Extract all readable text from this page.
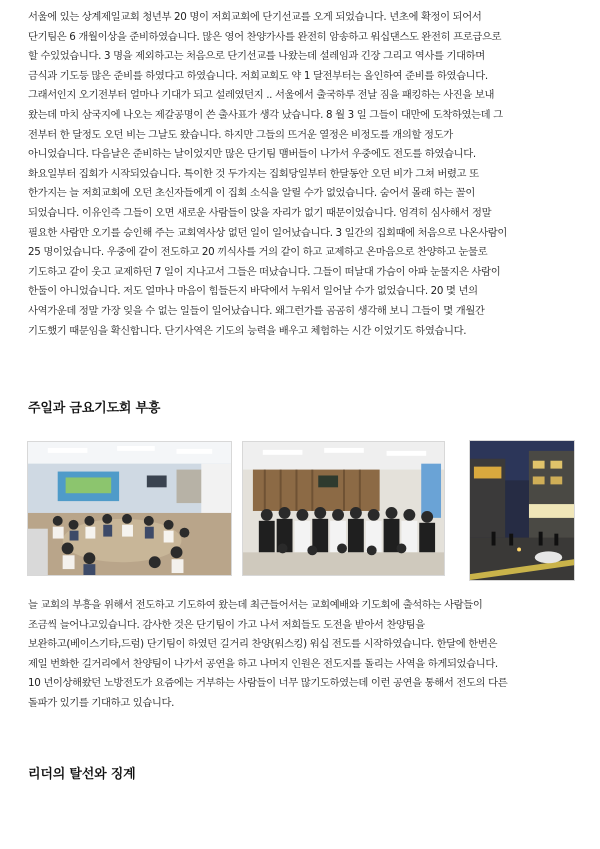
서울에 있는 상계제일교회 청년부 20 명이 저희교회에 단기선교를 오게 되었습니다. 년초에 확정이 되어서
단기팀은 6 개월이상을 준비하였습니다. 많은 영어 찬양가사를 완전히 암송하고 워십댄스도 완전히 프로급으로
할 수있었습니다. 3 명을 제외하고는 처음으로 단기선교를 나왔는데 설레임과 긴장 그리고 역사를 기대하며
금식과 기도등 많은 준비를 하였다고 하였습니다. 저희교회도 약 1 달전부터는 올인하여 준비를 하였습니다.
그래서인지 오기전부터 얼마나 기대가 되고 설레였던지 .. 서울에서 출국하루 전날 짐을 패킹하는 사진을 보내
왔는데 마치 삼국지에 나오는 제갈공명이 쓴 출사표가 생각 났습니다. 8 월 3 일 그들이 대만에 도착하였는데 그
전부터 한 달정도 오던 비는 그날도 왔습니다. 하지만 그들의 뜨거운 열정은 비정도를 개의할 정도가
아니었습니다. 다음날은 준비하는 날이었지만 많은 단기팀 맴버들이 나가서 우중에도 전도를 하였습니다.
화요일부터 집회가 시작되었습니다. 특이한 것 두가지는 집회당일부터 한달동안 오던 비가 그쳐 버렸고 또
한가지는 늘 저희교회에 오던 초신자들에게 이 집회 소식을 알릴 수가 없었습니다. 숨어서 몰래 하는 꼴이
되었습니다. 이유인즉 그들이 오면 새로운 사람들이 앉을 자리가 없기 때문이었습니다. 엄격히 심사해서 정말
필요한 사람만 오기를 승인해 주는 교회역사상 없던 일이 일어났습니다. 3 일간의 집회때에 처음으로 나온사람이
25 명이었습니다. 우중에 같이 전도하고 20 끼식사를 거의 같이 하고 교제하고 온마음으로 찬양하고 눈물로
기도하고 같이 웃고 교제하던 7 일이 지나고서 그들은 떠났습니다. 그들이 떠날대 가슴이 아파 눈물지은 사람이
한둘이 아니었습니다. 저도 얼마나 마음이 힘들든지 바닥에서 누워서 일어날 수가 없었습니다. 20 몇 년의
사역가운데 정말 가장 잊을 수 없는 일들이 일어났습니다. 왜그런가를 곰곰히 생각해 보니 그들이 몇 개월간
기도했기 때문임을 확신합니다. 단기사역은 기도의 능력을 배우고 체험하는 시간 이었기도 하였습니다.
주일과 금요기도회 부흥
늘 교회의 부흥을 위해서 전도하고 기도하여 왔는데 최근들어서는 교회예배와 기도회에 출석하는 사람들이
조금씩 늘어나고있습니다. 감사한 것은 단기팀이 가고 나서 저희들도 도전을 받아서 찬양팀을
보완하고(베이스기타,드럼) 단기팀이 하였던 길거리 찬양(워스킹) 워십 전도를 시작하였습니다. 한달에 한번은
제일 번화한 길거리에서 찬양팀이 나가서 공연을 하고 나머지 인원은 전도지를 돌리는 사역을 하게되었습니다.
10 년이상해왔던 노방전도가 요즘에는 거부하는 사람들이 너무 많기도하였는데 이런 공연을 통해서 전도의 다른
돌파가 있기를 기대하고 있습니다.
리더의 탈선와 징계
